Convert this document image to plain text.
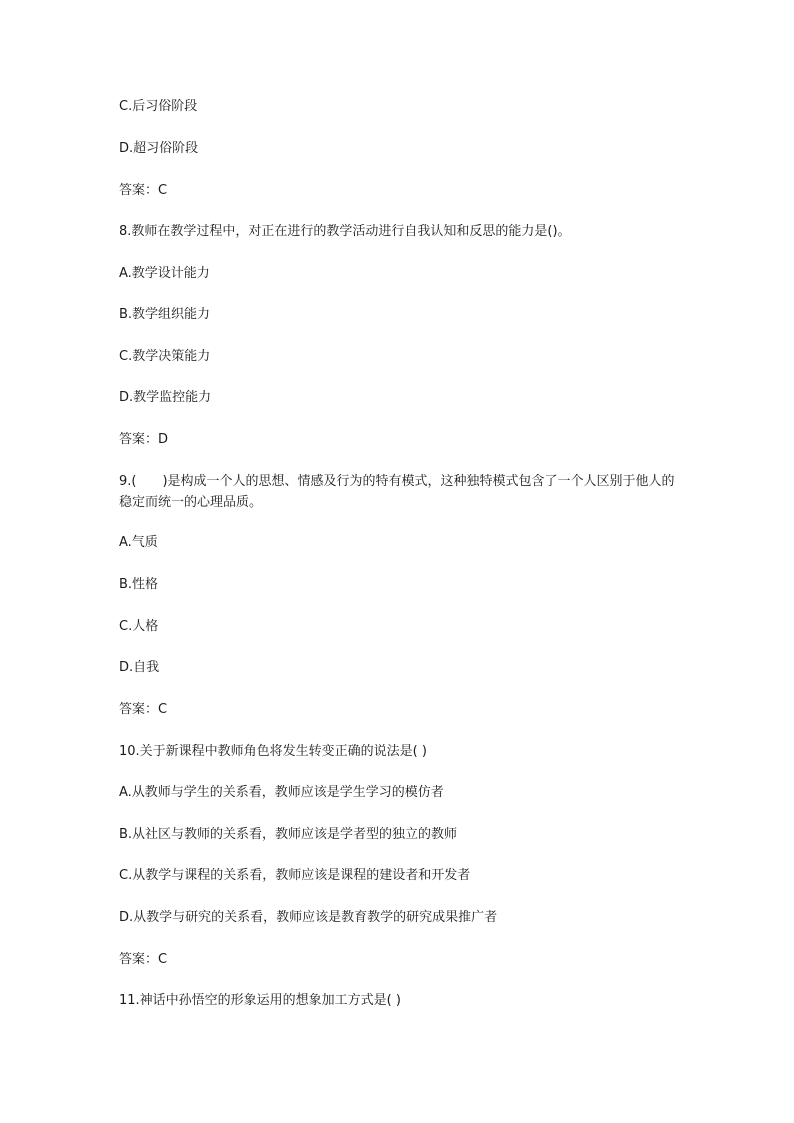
C.后习俗阶段
D.超习俗阶段
答案：C
8.教师在教学过程中，对正在进行的教学活动进行自我认知和反思的能力是()。
A.教学设计能力
B.教学组织能力
C.教学决策能力
D.教学监控能力
答案：D
9.(　　)是构成一个人的思想、情感及行为的特有模式，这种独特模式包含了一个人区别于他人的稳定而统一的心理品质。
A.气质
B.性格
C.人格
D.自我
答案：C
10.关于新课程中教师角色将发生转变正确的说法是( )
A.从教师与学生的关系看，教师应该是学生学习的模仿者
B.从社区与教师的关系看，教师应该是学者型的独立的教师
C.从教学与课程的关系看，教师应该是课程的建设者和开发者
D.从教学与研究的关系看，教师应该是教育教学的研究成果推广者
答案：C
11.神话中孙悟空的形象运用的想象加工方式是( )
